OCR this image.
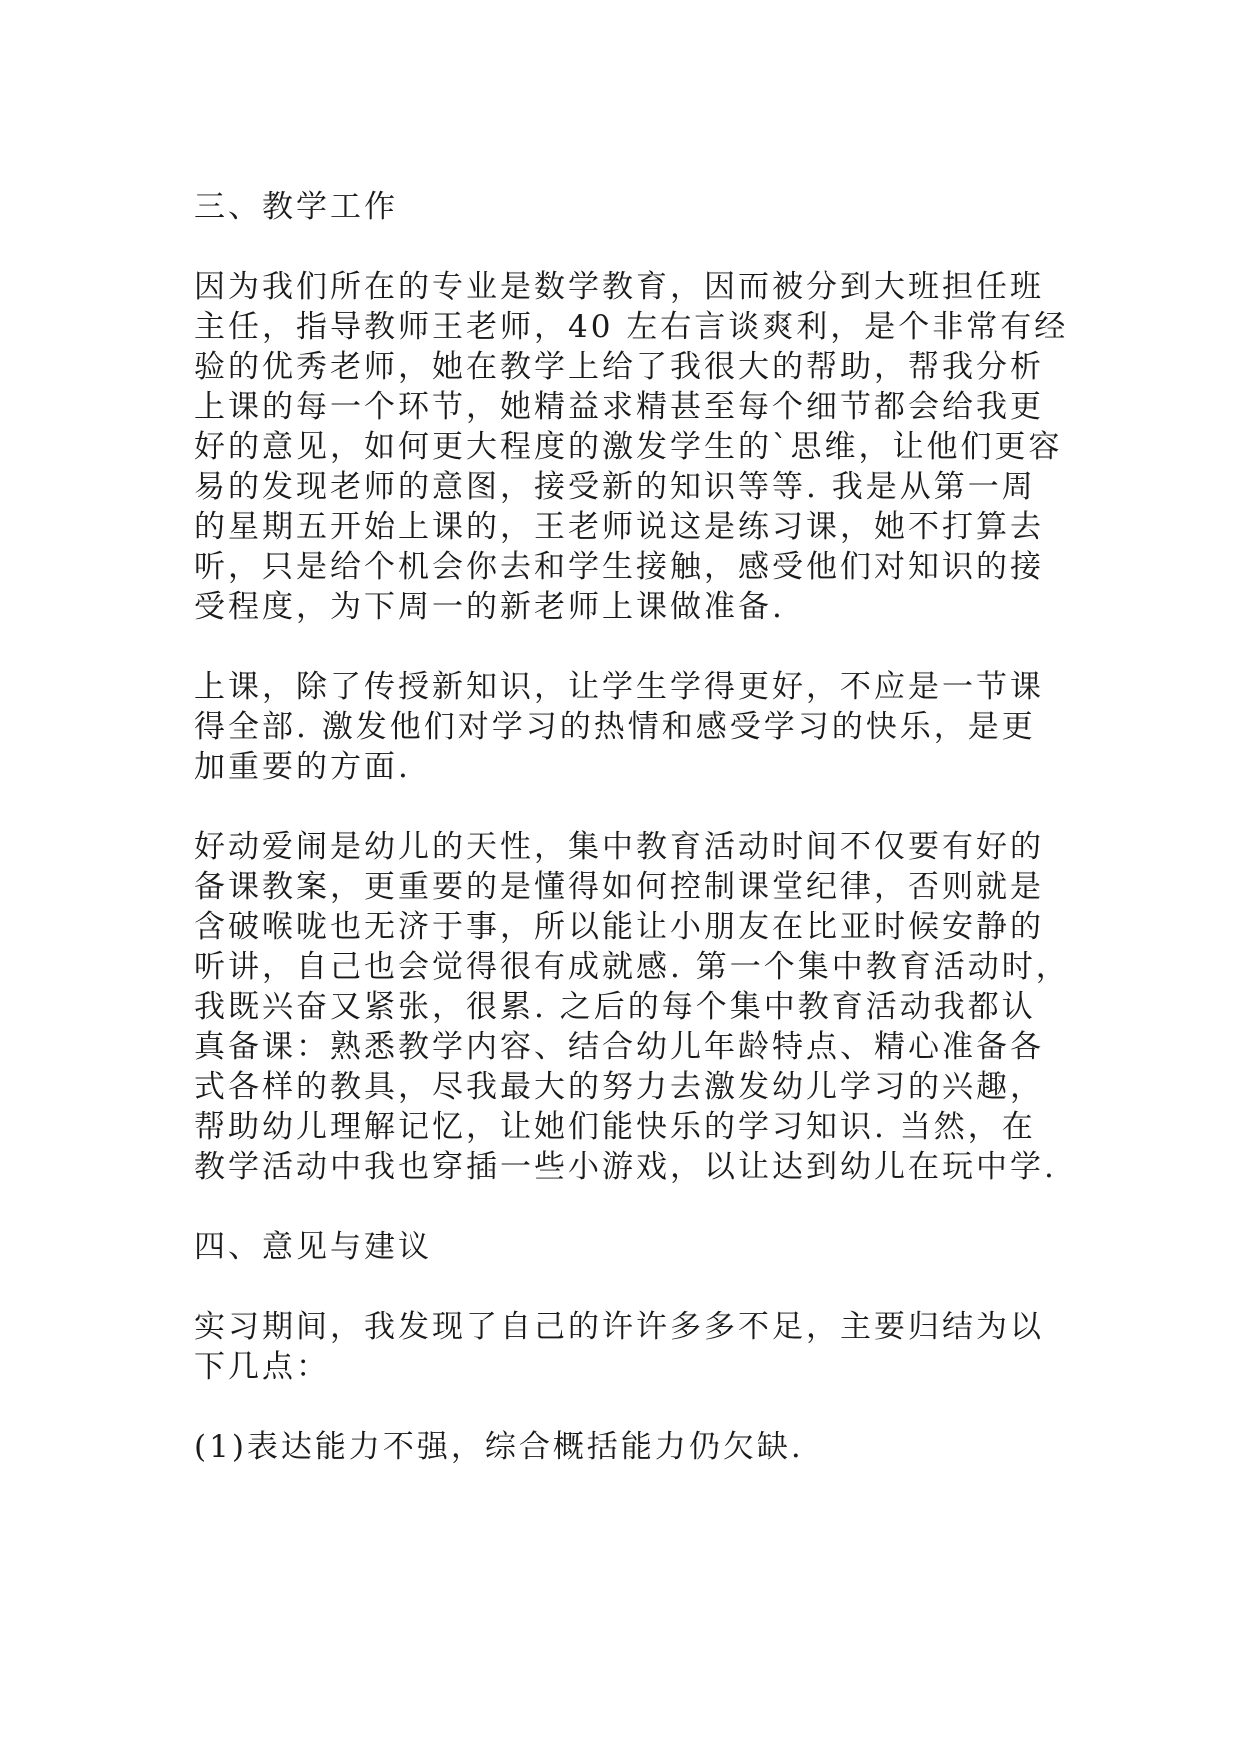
三、教学工作

因为我们所在的专业是数学教育，因而被分到大班担任班
主任，指导教师王老师，40 左右言谈爽利，是个非常有经
验的优秀老师，她在教学上给了我很大的帮助，帮我分析
上课的每一个环节，她精益求精甚至每个细节都会给我更
好的意见，如何更大程度的激发学生的`思维，让他们更容
易的发现老师的意图，接受新的知识等等. 我是从第一周
的星期五开始上课的，王老师说这是练习课，她不打算去
听，只是给个机会你去和学生接触，感受他们对知识的接
受程度，为下周一的新老师上课做准备.

上课，除了传授新知识，让学生学得更好，不应是一节课
得全部. 激发他们对学习的热情和感受学习的快乐，是更
加重要的方面.

好动爱闹是幼儿的天性，集中教育活动时间不仅要有好的
备课教案，更重要的是懂得如何控制课堂纪律，否则就是
含破喉咙也无济于事，所以能让小朋友在比亚时候安静的
听讲，自己也会觉得很有成就感. 第一个集中教育活动时，
我既兴奋又紧张，很累. 之后的每个集中教育活动我都认
真备课：熟悉教学内容、结合幼儿年龄特点、精心准备各
式各样的教具，尽我最大的努力去激发幼儿学习的兴趣，
帮助幼儿理解记忆，让她们能快乐的学习知识. 当然，在
教学活动中我也穿插一些小游戏，以让达到幼儿在玩中学.

四、意见与建议

实习期间，我发现了自己的许许多多不足，主要归结为以
下几点：

(1)表达能力不强，综合概括能力仍欠缺.
